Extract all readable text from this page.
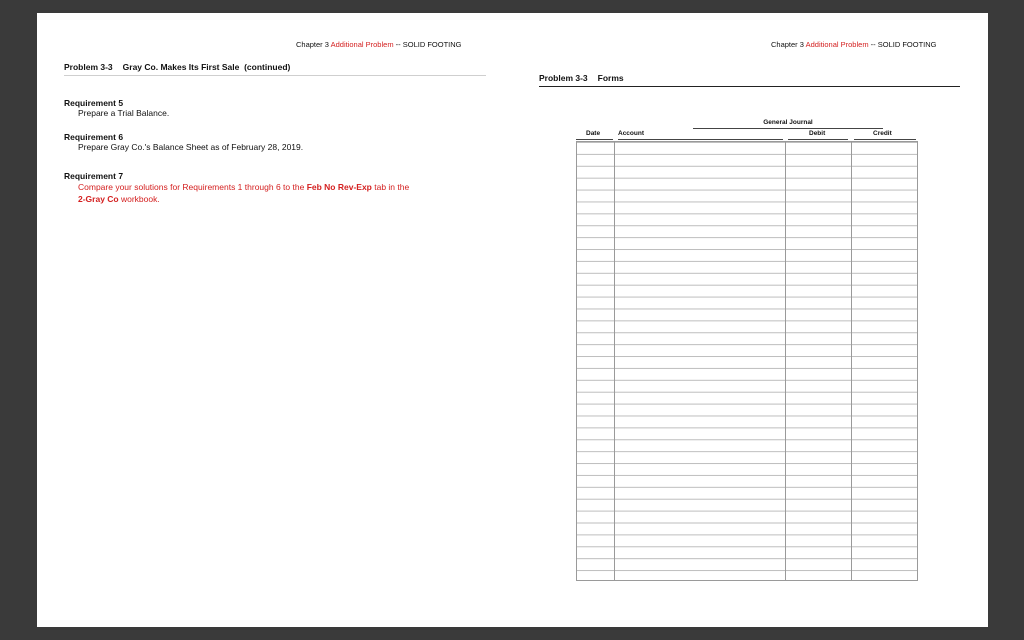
Chapter 3 Additional Problem -- SOLID FOOTING	Chapter 3 Additional Problem -- SOLID FOOTING
Problem 3-3 Gray Co. Makes Its First Sale (continued)
Problem 3-3 Forms
Requirement 5
Prepare a Trial Balance.
Requirement 6
Prepare Gray Co.'s Balance Sheet as of February 28, 2019.
Requirement 7
Compare your solutions for Requirements 1 through 6 to the Feb No Rev-Exp tab in the
2-Gray Co workbook.
General Journal
Date	Account	Debit	Credit
